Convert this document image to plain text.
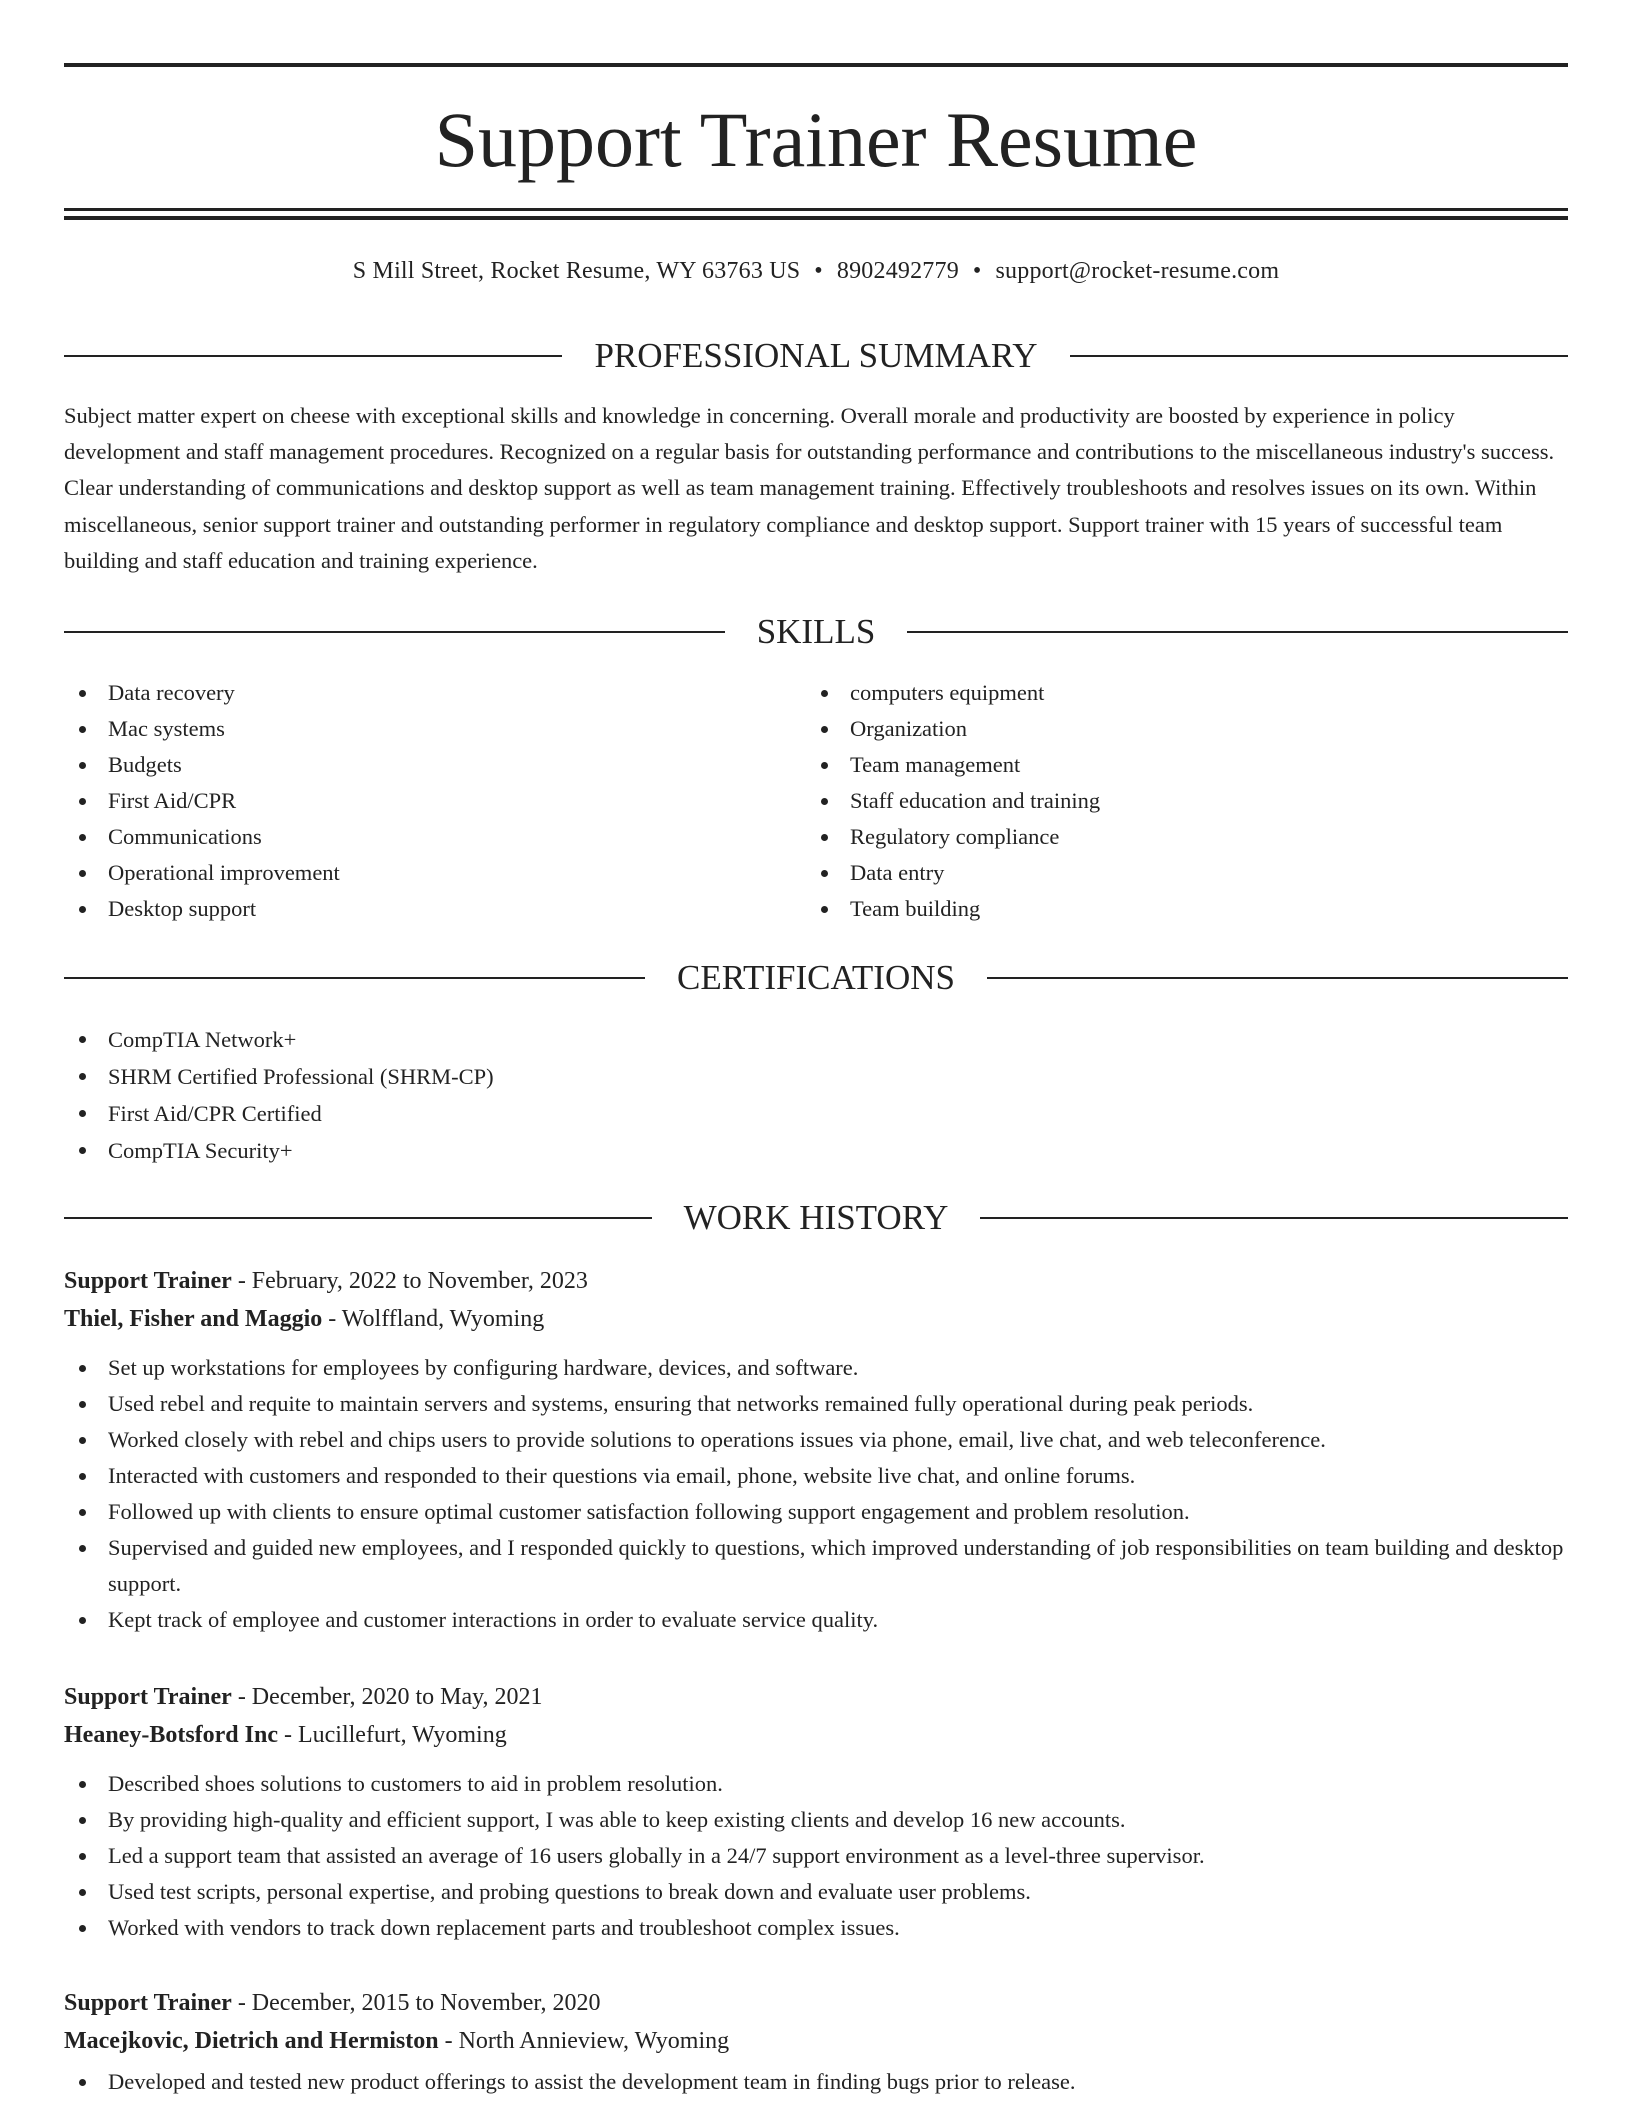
Support Trainer Resume
S Mill Street, Rocket Resume, WY 63763 US • 8902492779 • support@rocket-resume.com
PROFESSIONAL SUMMARY

Subject matter expert on cheese with exceptional skills and knowledge in concerning. Overall morale and productivity are boosted by experience in policy development and staff management procedures. Recognized on a regular basis for outstanding performance and contributions to the miscellaneous industry's success. Clear understanding of communications and desktop support as well as team management training. Effectively troubleshoots and resolves issues on its own. Within miscellaneous, senior support trainer and outstanding performer in regulatory compliance and desktop support. Support trainer with 15 years of successful team building and staff education and training experience.

SKILLS
Data recovery
Mac systems
Budgets
First Aid/CPR
Communications
Operational improvement
Desktop support
computers equipment
Organization
Team management
Staff education and training
Regulatory compliance
Data entry
Team building
CERTIFICATIONS
CompTIA Network+
SHRM Certified Professional (SHRM-CP)
First Aid/CPR Certified
CompTIA Security+
WORK HISTORY
Support Trainer - February, 2022 to November, 2023
Thiel, Fisher and Maggio - Wolffland, Wyoming
Set up workstations for employees by configuring hardware, devices, and software.
Used rebel and requite to maintain servers and systems, ensuring that networks remained fully operational during peak periods.
Worked closely with rebel and chips users to provide solutions to operations issues via phone, email, live chat, and web teleconference.
Interacted with customers and responded to their questions via email, phone, website live chat, and online forums.
Followed up with clients to ensure optimal customer satisfaction following support engagement and problem resolution.
Supervised and guided new employees, and I responded quickly to questions, which improved understanding of job responsibilities on team building and desktop support.
Kept track of employee and customer interactions in order to evaluate service quality.
Support Trainer - December, 2020 to May, 2021
Heaney-Botsford Inc - Lucillefurt, Wyoming
Described shoes solutions to customers to aid in problem resolution.
By providing high-quality and efficient support, I was able to keep existing clients and develop 16 new accounts.
Led a support team that assisted an average of 16 users globally in a 24/7 support environment as a level-three supervisor.
Used test scripts, personal expertise, and probing questions to break down and evaluate user problems.
Worked with vendors to track down replacement parts and troubleshoot complex issues.
Support Trainer - December, 2015 to November, 2020
Macejkovic, Dietrich and Hermiston - North Annieview, Wyoming
Developed and tested new product offerings to assist the development team in finding bugs prior to release.
